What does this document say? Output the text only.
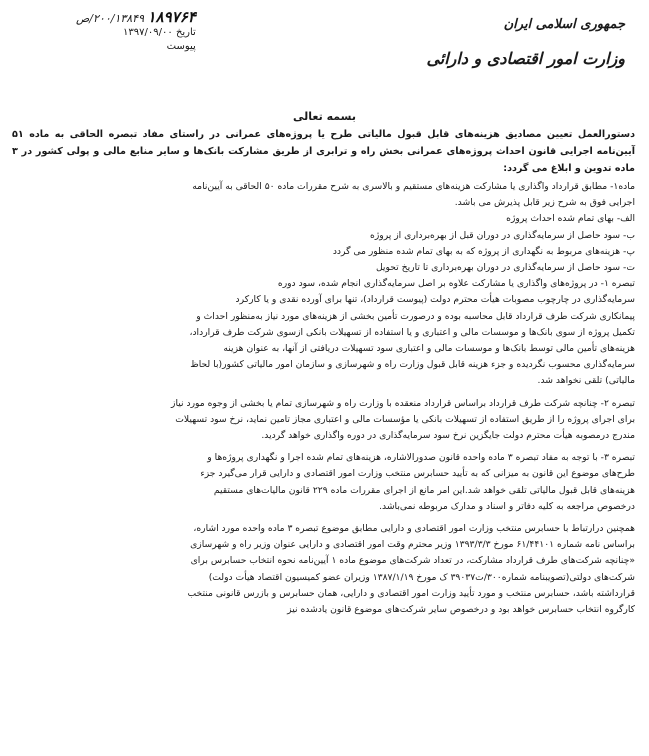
جمهوری اسلامی ایران
وزارت امور اقتصادی و دارائی
۱۸۹۷۶۴ ۲۰۰/۱۳۸۴۹/ص
تاریخ ۱۳۹۷/۰۹/۰۰
پیوست
بسمه تعالی

دستورالعمل تعیین مصادیق هزینه‌های قابل قبول مالیاتی طرح یا پروژه‌های عمرانی در راستای مفاد تبصره الحاقی به ماده ۵۱ آیین‌نامه اجرایی قانون احداث پروژه‌های عمرانی بخش راه و ترابری از طریق مشارکت بانک‌ها و سایر منابع مالی و پولی کشور در ۳ ماده تدوین و ابلاغ می گردد:

ماده۱- مطابق قرارداد واگذاری یا مشارکت هزینه‌های مستقیم و بالاسری به شرح مقررات ماده ۵۰ الحاقی به آیین‌نامه

اجرایی فوق به شرح زیر قابل پذیرش می باشد.

الف- بهای تمام شده احداث پروژه

ب- سود حاصل از سرمایه‌گذاری در دوران قبل از بهره‌برداری از پروژه

پ- هزینه‌های مربوط به نگهداری از پروژه که به بهای تمام شده منظور می گردد

ت- سود حاصل از سرمایه‌گذاری در دوران بهره‌برداری تا تاریخ تحویل

تبصره ۱- در پروژه‌های واگذاری یا مشارکت علاوه بر اصل سرمایه‌گذاری انجام شده، سود دوره

سرمایه‌گذاری در چارچوب مصوبات هیأت محترم دولت (پیوست قرارداد)، تنها برای آورده نقدی و یا کارکرد

پیمانکاری شرکت طرف قرارداد قابل محاسبه بوده و درصورت تأمین بخشی از هزینه‌های مورد نیاز به‌منظور احداث و

تکمیل پروژه از سوی بانک‌ها و موسسات مالی و اعتباری و یا استفاده از تسهیلات بانکی ازسوی شرکت طرف قرارداد،

هزینه‌های تأمین مالی توسط بانک‌ها و موسسات مالی و اعتباری سود تسهیلات دریافتی از آنها، به عنوان هزینه

سرمایه‌گذاری محسوب نگردیده و جزء هزینه قابل قبول وزارت راه و شهرسازی و سازمان امور مالیاتی کشور(با لحاظ

مالیاتی) تلقی نخواهد شد.

تبصره ۲- چنانچه شرکت طرف قرارداد براساس قرارداد منعقده با وزارت راه و شهرسازی تمام یا بخشی از وجوه مورد نیاز

برای اجرای پروژه را از طریق استفاده از تسهیلات بانکی یا مؤسسات مالی و اعتباری مجاز تامین نماید، نرخ سود تسهیلات

مندرج درمصوبه هیأت محترم دولت جایگزین نرخ سود سرمایه‌گذاری در دوره واگذاری خواهد گردید.

تبصره ۳- با توجه به مفاد تبصره ۳ ماده واحده قانون صدورالاشاره، هزینه‌های تمام شده اجرا و نگهداری پروژه‌ها و

طرح‌های موضوع این قانون به میزانی که به تأیید حسابرس منتخب وزارت امور اقتصادی و دارایی قرار می‌گیرد جزء

هزینه‌های قابل قبول مالیاتی تلقی خواهد شد.این امر مانع از اجرای مقررات ماده ۲۲۹ قانون مالیات‌های مستقیم

درخصوص مراجعه به کلیه دفاتر و اسناد و مدارک مربوطه نمی‌باشد.

همچنین درارتباط با حسابرس منتخب وزارت امور اقتصادی و دارایی مطابق موضوع تبصره ۳ ماده واحده مورد اشاره،

براساس نامه شماره ۶۱/۴۴۱۰۱ مورخ ۱۳۹۳/۳/۳ وزیر محترم وقت امور اقتصادی و دارایی عنوان وزیر راه و شهرسازی

«چنانچه شرکت‌های طرف قرارداد مشارکت، در تعداد شرکت‌های موضوع ماده ۱ آیین‌نامه نحوه انتخاب حسابرس برای

شرکت‌های دولتی(تصویبنامه شماره۳۰۰/ت۳۹۰۳۷ ک مورخ ۱۳۸۷/۱/۱۹ وزیران عضو کمیسیون اقتصاد هیأت دولت)

قرارداشته باشد، حسابرس منتخب و مورد تأیید وزارت امور اقتصادی و دارایی، همان حسابرس و بازرس قانونی منتخب

کارگروه انتخاب حسابرس خواهد بود و درخصوص سایر شرکت‌های موضوع قانون یادشده نیز
